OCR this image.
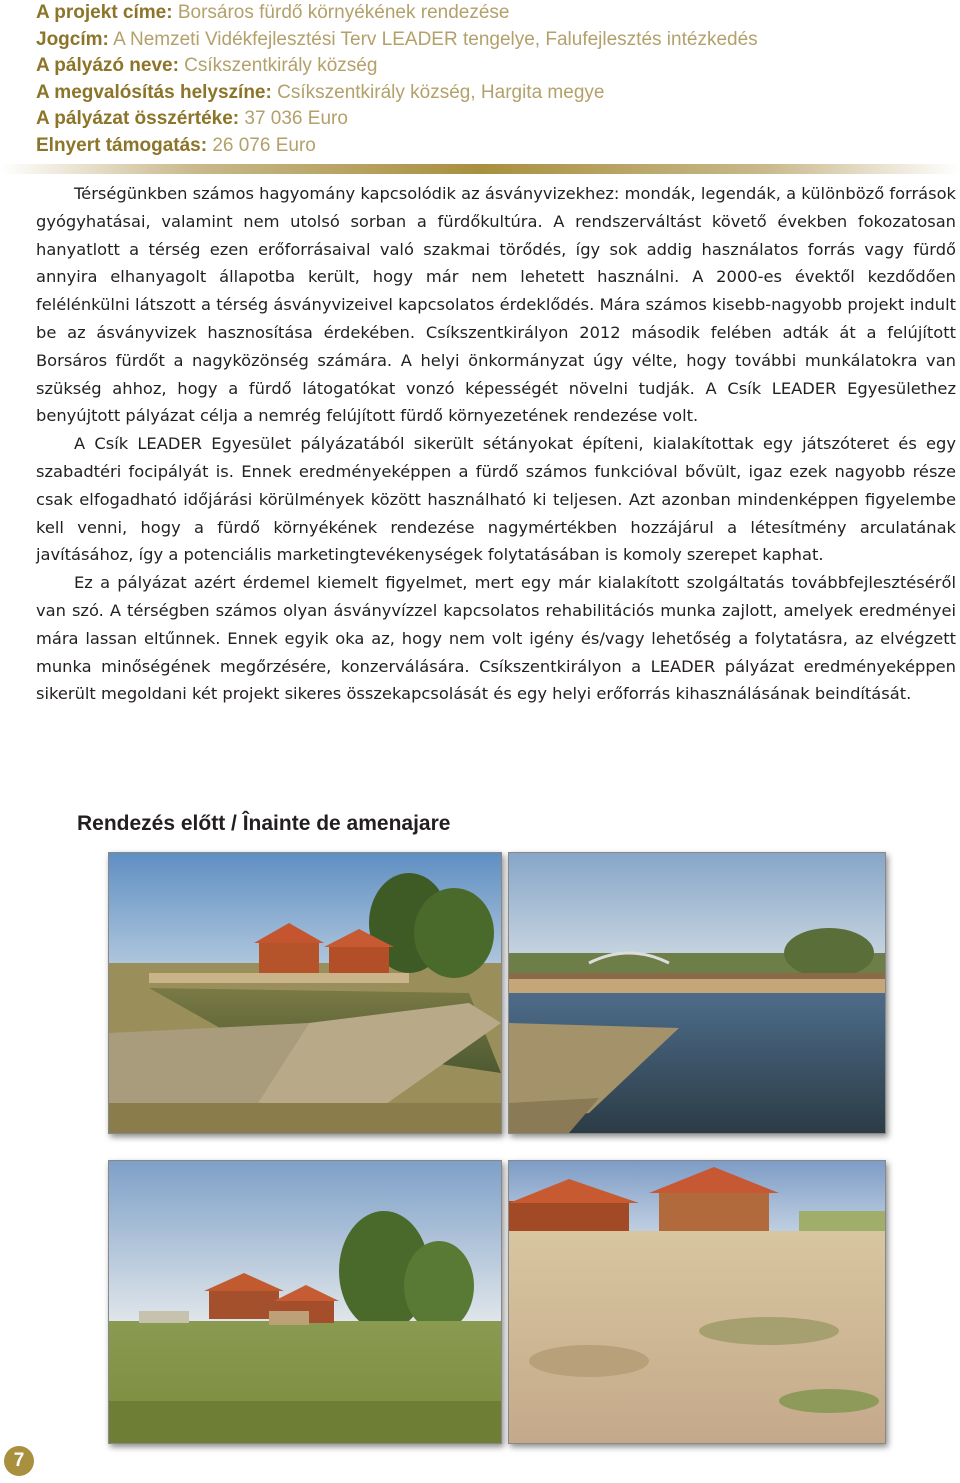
A projekt címe: Borsáros fürdő környékének rendezése
Jogcím: A Nemzeti Vidékfejlesztési Terv LEADER tengelye, Falufejlesztés intézkedés
A pályázó neve: Csíkszentkirály község
A megvalósítás helyszíne: Csíkszentkirály község, Hargita megye
A pályázat összértéke: 37 036 Euro
Elnyert támogatás: 26 076 Euro

Térségünkben számos hagyomány kapcsolódik az ásványvizekhez: mondák, legendák, a különböző források gyógyhatásai, valamint nem utolsó sorban a fürdőkultúra. A rendszerváltást követő években fokozatosan hanyatlott a térség ezen erőforrásaival való szakmai törődés, így sok addig használatos forrás vagy fürdő annyira elhanyagolt állapotba került, hogy már nem lehetett használni. A 2000-es évektől kezdődően felélénkülni látszott a térség ásványvizeivel kapcsolatos érdeklődés. Mára számos kisebb-nagyobb projekt indult be az ásványvizek hasznosítása érdekében. Csíkszentkirályon 2012 második felében adták át a felújított Borsáros fürdőt a nagyközönség számára. A helyi önkormányzat úgy vélte, hogy további munkálatokra van szükség ahhoz, hogy a fürdő látogatókat vonzó képességét növelni tudják. A Csík LEADER Egyesülethez benyújtott pályázat célja a nemrég felújított fürdő környezetének rendezése volt.

A Csík LEADER Egyesület pályázatából sikerült sétányokat építeni, kialakítottak egy játszóteret és egy szabadtéri focipályát is. Ennek eredményeképpen a fürdő számos funkcióval bővült, igaz ezek nagyobb része csak elfogadható időjárási körülmények között használható ki teljesen. Azt azonban mindenképpen figyelembe kell venni, hogy a fürdő környékének rendezése nagymértékben hozzájárul a létesítmény arculatának javításához, így a potenciális marketingtevékenységek folytatásában is komoly szerepet kaphat.

Ez a pályázat azért érdemel kiemelt figyelmet, mert egy már kialakított szolgáltatás továbbfejlesztéséről van szó. A térségben számos olyan ásványvízzel kapcsolatos rehabilitációs munka zajlott, amelyek eredményei mára lassan eltűnnek. Ennek egyik oka az, hogy nem volt igény és/vagy lehetőség a folytatásra, az elvégzett munka minőségének megőrzésére, konzerválására. Csíkszentkirályon a LEADER pályázat eredményeképpen sikerült megoldani két projekt sikeres összekapcsolását és egy helyi erőforrás kihasználásának beindítását.

Rendezés előtt / Înainte de amenajare
7
